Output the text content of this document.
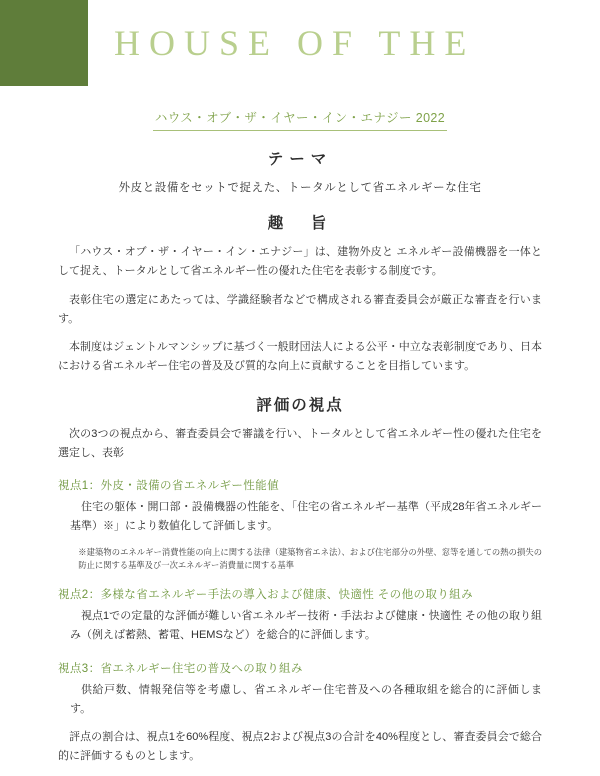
HOUSE OF THE
ハウス・オブ・ザ・イヤー・イン・エナジー 2022
テーマ

外皮と設備をセットで捉えた、トータルとして省エネルギーな住宅

趣　旨

「ハウス・オブ・ザ・イヤー・イン・エナジー」は、建物外皮と エネルギー設備機器を一体として捉え、トータルとして省エネルギー性の優れた住宅を表彰する制度です。

表彰住宅の選定にあたっては、学識経験者などで構成される審査委員会が厳正な審査を行います。

本制度はジェントルマンシップに基づく一般財団法人による公平・中立な表彰制度であり、日本における省エネルギー住宅の普及及び質的な向上に貢献することを目指しています。

評価の視点

次の3つの視点から、審査委員会で審議を行い、トータルとして省エネルギー性の優れた住宅を選定し、表彰

視点1：外皮・設備の省エネルギー性能値

住宅の躯体・開口部・設備機器の性能を、「住宅の省エネルギー基準（平成28年省エネルギー基準）※」により数値化して評価します。

※建築物のエネルギー消費性能の向上に関する法律（建築物省エネ法）、および住宅部分の外壁、窓等を通しての熱の損失の防止に関する基準及び一次エネルギー消費量に関する基準

視点2：多様な省エネルギー手法の導入および健康、快適性 その他の取り組み

視点1での定量的な評価が難しい省エネルギー技術・手法および健康・快適性 その他の取り組み（例えば蓄熱、蓄電、HEMSなど）を総合的に評価します。

視点3：省エネルギー住宅の普及への取り組み

供給戸数、情報発信等を考慮し、省エネルギー住宅普及への各種取組を総合的に評価します。

評点の割合は、視点1を60%程度、視点2および視点3の合計を40%程度とし、審査委員会で総合的に評価するものとします。
